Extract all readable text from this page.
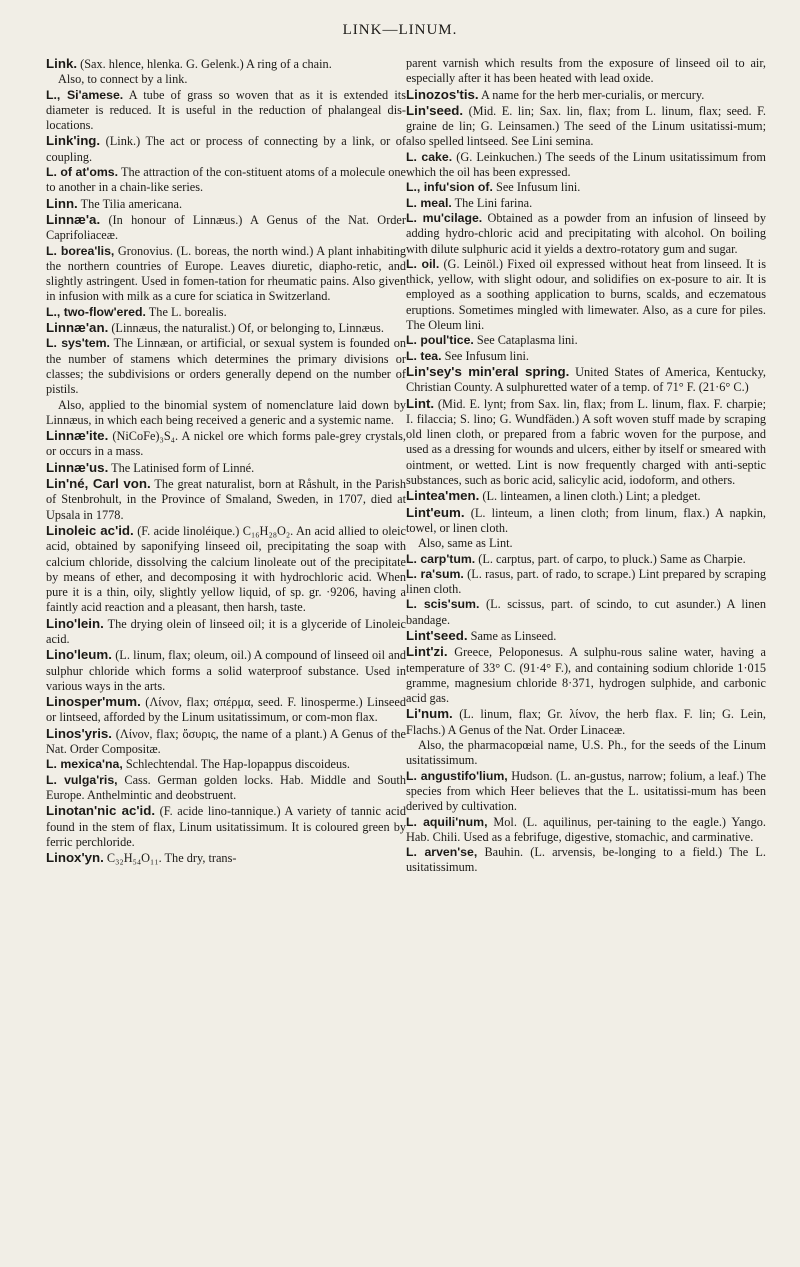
LINK—LINUM.

Link. (Sax. hlence, hlenka. G. Gelenk.) A ring of a chain.

Also, to connect by a link.

L., Si'amese. A tube of grass so woven that as it is extended its diameter is reduced. It is useful in the reduction of phalangeal dis-locations.

Link'ing. (Link.) The act or process of connecting by a link, or of coupling.

L. of at'oms. The attraction of the con-stituent atoms of a molecule one to another in a chain-like series.

Linn. The Tilia americana.

Linnæ'a. (In honour of Linnæus.) A Genus of the Nat. Order Caprifoliaceæ.

L. borea'lis, Gronovius. (L. boreas, the north wind.) A plant inhabiting the northern countries of Europe. Leaves diuretic, diapho-retic, and slightly astringent. Used in fomen-tation for rheumatic pains. Also given in infusion with milk as a cure for sciatica in Switzerland.

L., two-flow'ered. The L. borealis.

Linnæ'an. (Linnæus, the naturalist.) Of, or belonging to, Linnæus.

L. sys'tem. The Linnæan, or artificial, or sexual system is founded on the number of stamens which determines the primary divisions or classes; the subdivisions or orders generally depend on the number of pistils.

Also, applied to the binomial system of nomenclature laid down by Linnæus, in which each being received a generic and a systemic name.

Linnæ'ite. (NiCoFe)₃S₄. A nickel ore which forms pale-grey crystals, or occurs in a mass.

Linnæ'us. The Latinised form of Linné.

Lin'né, Carl von. The great naturalist, born at Råshult, in the Parish of Stenbrohult, in the Province of Smaland, Sweden, in 1707, died at Upsala in 1778.

Linoleic ac'id. (F. acide linoléique.) C₁₆H₂₈O₂. An acid allied to oleic acid, obtained by saponifying linseed oil, precipitating the soap with calcium chloride, dissolving the calcium linoleate out of the precipitate by means of ether, and decomposing it with hydrochloric acid. When pure it is a thin, oily, slightly yellow liquid, of sp. gr. ·9206, having a faintly acid reaction and a pleasant, then harsh, taste.

Lino'lein. The drying olein of linseed oil; it is a glyceride of Linoleic acid.

Lino'leum. (L. linum, flax; oleum, oil.) A compound of linseed oil and sulphur chloride which forms a solid waterproof substance. Used in various ways in the arts.

Linosper'mum. (Λίνον, flax; σπέρμα, seed. F. linosperme.) Linseed or lintseed, afforded by the Linum usitatissimum, or com-mon flax.

Linos'yris. (Λίνον, flax; ὄσυρις, the name of a plant.) A Genus of the Nat. Order Compositæ.

L. mexica'na, Schlechtendal. The Hap-lopappus discoideus.

L. vulga'ris, Cass. German golden locks. Hab. Middle and South Europe. Anthelmintic and deobstruent.

Linotan'nic ac'id. (F. acide lino-tannique.) A variety of tannic acid found in the stem of flax, Linum usitatissimum. It is coloured green by ferric perchloride.

Linox'yn. C₃₂H₅₄O₁₁. The dry, trans-

parent varnish which results from the exposure of linseed oil to air, especially after it has been heated with lead oxide.

Linozos'tis. A name for the herb mer-curialis, or mercury.

Lin'seed. (Mid. E. lin; Sax. lin, flax; from L. linum, flax; seed. F. graine de lin; G. Leinsamen.) The seed of the Linum usitatissi-mum; also spelled lintseed. See Lini semina.

L. cake. (G. Leinkuchen.) The seeds of the Linum usitatissimum from which the oil has been expressed.

L., infu'sion of. See Infusum lini.

L. meal. The Lini farina.

L. mu'cilage. Obtained as a powder from an infusion of linseed by adding hydro-chloric acid and precipitating with alcohol. On boiling with dilute sulphuric acid it yields a dextro-rotatory gum and sugar.

L. oil. (G. Leinöl.) Fixed oil expressed without heat from linseed. It is thick, yellow, with slight odour, and solidifies on ex-posure to air. It is employed as a soothing application to burns, scalds, and eczematous eruptions. Sometimes mingled with limewater. Also, as a cure for piles. The Oleum lini.

L. poul'tice. See Cataplasma lini.

L. tea. See Infusum lini.

Lin'sey's min'eral spring. United States of America, Kentucky, Christian County. A sulphuretted water of a temp. of 71° F. (21·6° C.)

Lint. (Mid. E. lynt; from Sax. lin, flax; from L. linum, flax. F. charpie; I. filaccia; S. lino; G. Wundfäden.) A soft woven stuff made by scraping old linen cloth, or prepared from a fabric woven for the purpose, and used as a dressing for wounds and ulcers, either by itself or smeared with ointment, or wetted. Lint is now frequently charged with anti-septic substances, such as boric acid, salicylic acid, iodoform, and others.

Lintea'men. (L. linteamen, a linen cloth.) Lint; a pledget.

Lint'eum. (L. linteum, a linen cloth; from linum, flax.) A napkin, towel, or linen cloth.

Also, same as Lint.

L. carp'tum. (L. carptus, part. of carpo, to pluck.) Same as Charpie.

L. ra'sum. (L. rasus, part. of rado, to scrape.) Lint prepared by scraping linen cloth.

L. scis'sum. (L. scissus, part. of scindo, to cut asunder.) A linen bandage.

Lint'seed. Same as Linseed.

Lint'zi. Greece, Peloponesus. A sulphu-rous saline water, having a temperature of 33° C. (91·4° F.), and containing sodium chloride 1·015 gramme, magnesium chloride 8·371, hydrogen sulphide, and carbonic acid gas.

Li'num. (L. linum, flax; Gr. λίνον, the herb flax. F. lin; G. Lein, Flachs.) A Genus of the Nat. Order Linaceæ.

Also, the pharmacopœial name, U.S. Ph., for the seeds of the Linum usitatissimum.

L. angustifo'lium, Hudson. (L. an-gustus, narrow; folium, a leaf.) The species from which Heer believes that the L. usitatissi-mum has been derived by cultivation.

L. aquili'num, Mol. (L. aquilinus, per-taining to the eagle.) Yango. Hab. Chili. Used as a febrifuge, digestive, stomachic, and carminative.

L. arven'se, Bauhin. (L. arvensis, be-longing to a field.) The L. usitatissimum.
